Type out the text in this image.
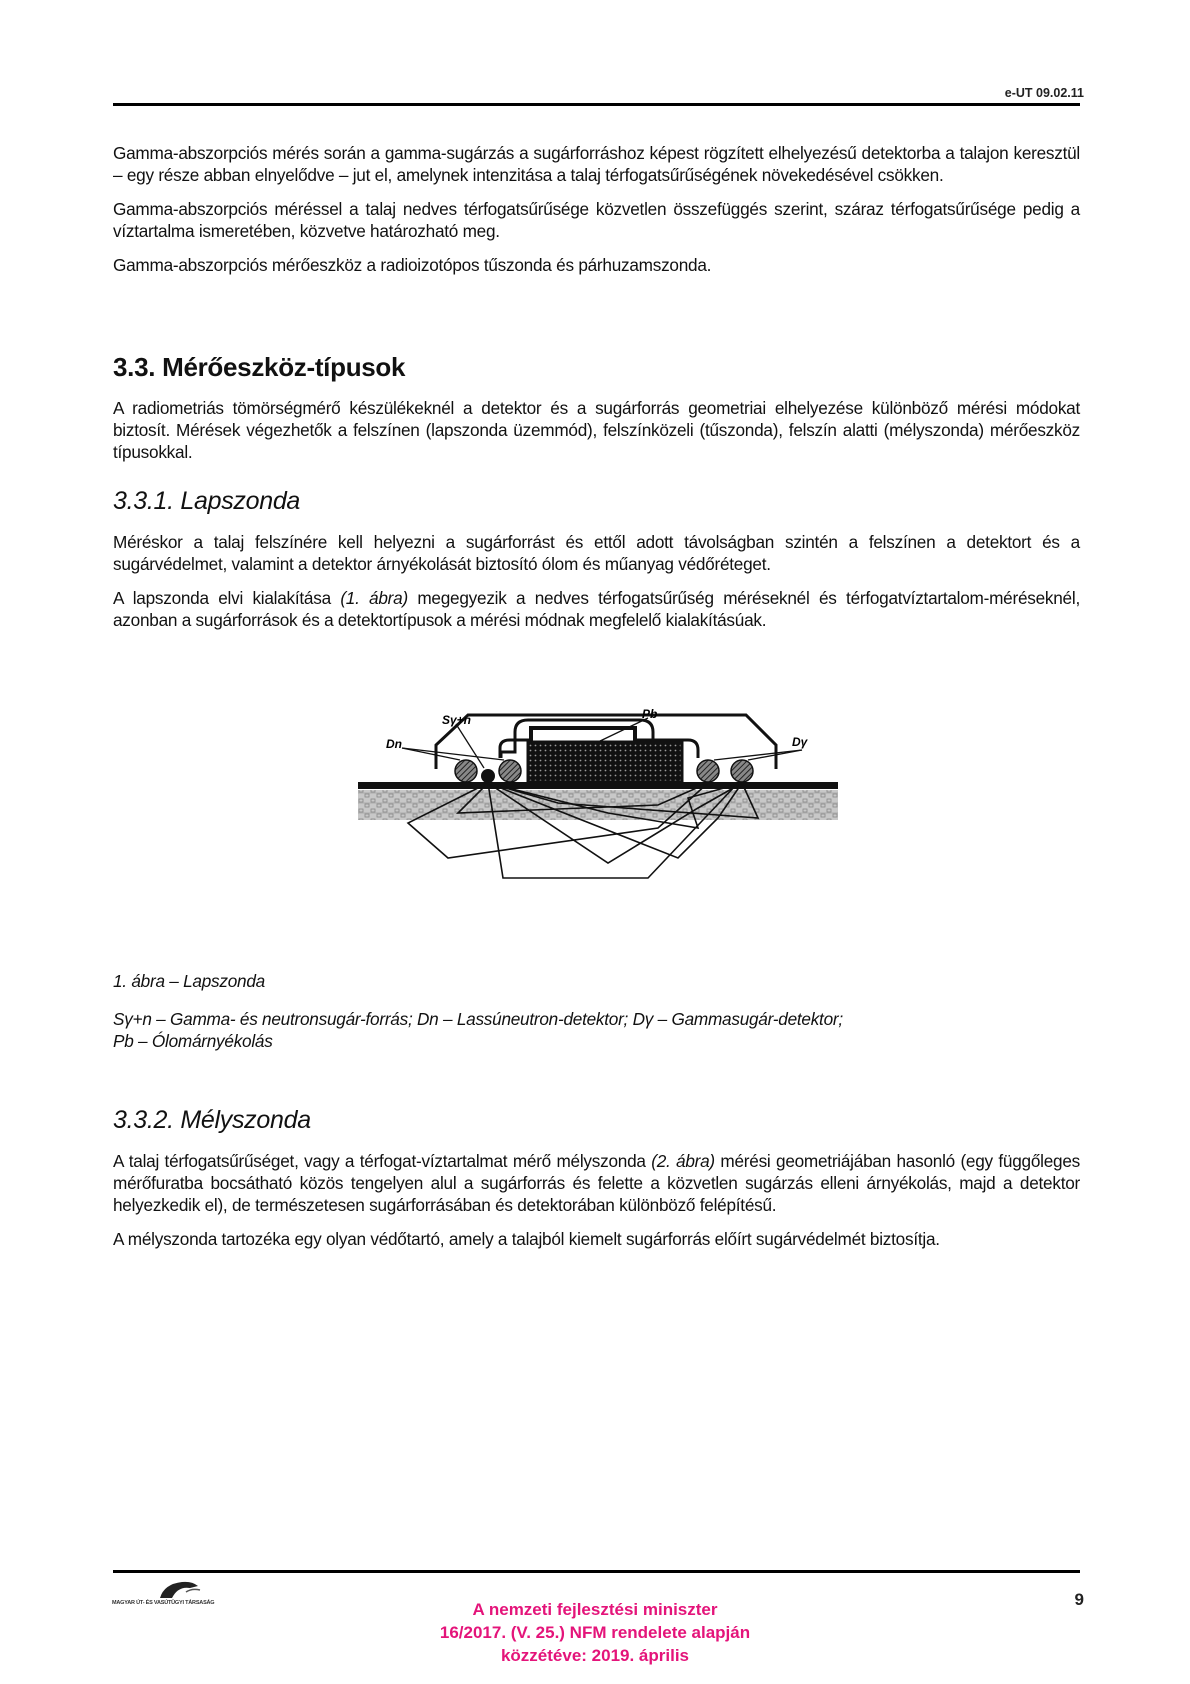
e-UT 09.02.11

Gamma-abszorpciós mérés során a gamma-sugárzás a sugárforráshoz képest rögzített elhelyezésű detektorba a talajon keresztül – egy része abban elnyelődve – jut el, amelynek intenzitása a talaj térfogatsűrűségének növekedésével csökken.

Gamma-abszorpciós méréssel a talaj nedves térfogatsűrűsége közvetlen összefüggés szerint, száraz térfogatsűrűsége pedig a víztartalma ismeretében, közvetve határozható meg.

Gamma-abszorpciós mérőeszköz a radioizotópos tűszonda és párhuzamszonda.

3.3. Mérőeszköz-típusok

A radiometriás tömörségmérő készülékeknél a detektor és a sugárforrás geometriai elhelyezése különböző mérési módokat biztosít. Mérések végezhetők a felszínen (lapszonda üzemmód), felszínközeli (tűszonda), felszín alatti (mélyszonda) mérőeszköz típusokkal.

3.3.1. Lapszonda

Méréskor a talaj felszínére kell helyezni a sugárforrást és ettől adott távolságban szintén a felszínen a detektort és a sugárvédelmet, valamint a detektor árnyékolását biztosító ólom és műanyag védőréteget.

A lapszonda elvi kialakítása (1. ábra) megegyezik a nedves térfogatsűrűség méréseknél és térfogatvíztartalom-méréseknél, azonban a sugárforrások és a detektortípusok a mérési módnak megfelelő kialakításúak.

Dn
Sγ+n	Pb
Dγ
1. ábra – Lapszonda
Sγ+n – Gamma- és neutronsugár-forrás; Dn – Lassúneutron-detektor; Dγ – Gammasugár-detektor;
Pb – Ólomárnyékolás
3.3.2. Mélyszonda

A talaj térfogatsűrűséget, vagy a térfogat-víztartalmat mérő mélyszonda (2. ábra) mérési geometriájában hasonló (egy függőleges mérőfuratba bocsátható közös tengelyen alul a sugárforrás és felette a közvetlen sugárzás elleni árnyékolás, majd a detektor helyezkedik el), de természetesen sugárforrásában és detektorában különböző felépítésű.

A mélyszonda tartozéka egy olyan védőtartó, amely a talajból kiemelt sugárforrás előírt sugárvédelmét biztosítja.

MAGYAR ÚT- ÉS VASÚTÜGYI TÁRSASÁG	9
A nemzeti fejlesztési miniszter
16/2017. (V. 25.) NFM rendelete alapján
közzétéve: 2019. április
